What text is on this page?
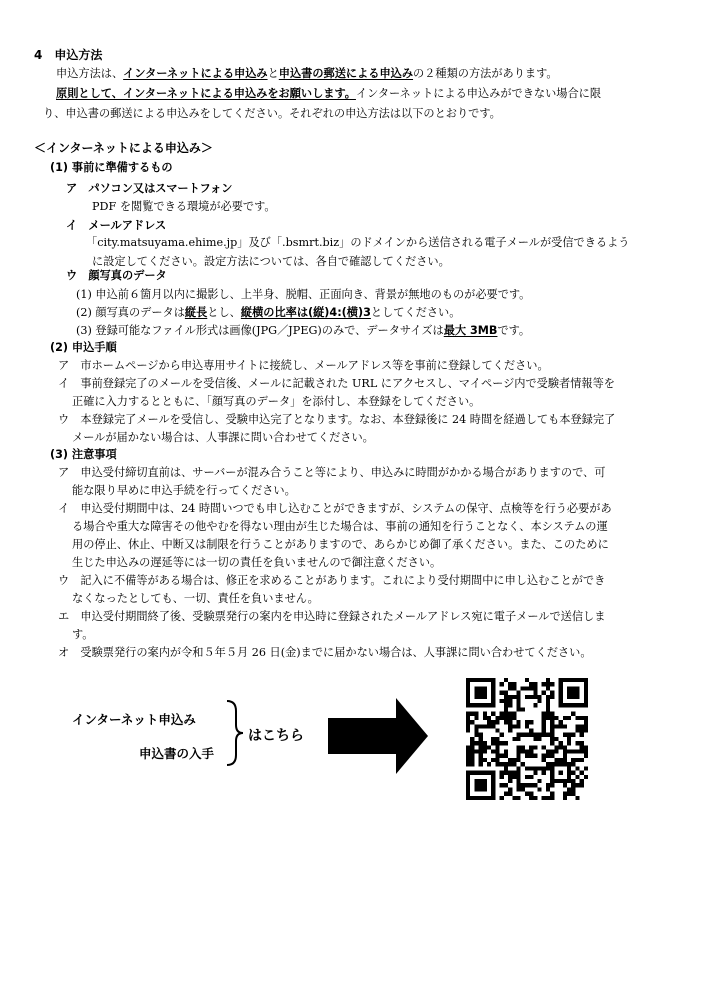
4　申込方法
申込方法は、インターネットによる申込みと申込書の郵送による申込みの２種類の方法があります。
原則として、インターネットによる申込みをお願いします。インターネットによる申込みができない場合に限
り、申込書の郵送による申込みをしてください。それぞれの申込方法は以下のとおりです。
＜インターネットによる申込み＞
(1) 事前に準備するもの
ア　パソコン又はスマートフォン
PDF を閲覧できる環境が必要です。
イ　メールアドレス
「city.matsuyama.ehime.jp」及び「.bsmrt.biz」のドメインから送信される電子メールが受信できるよう
に設定してください。設定方法については、各自で確認してください。
ウ　顔写真のデータ
(1) 申込前６箇月以内に撮影し、上半身、脱帽、正面向き、背景が無地のものが必要です。
(2) 顔写真のデータは縦長とし、縦横の比率は(縦)4:(横)3としてください。
(3) 登録可能なファイル形式は画像(JPG／JPEG)のみで、データサイズは最大 3MBです。
(2) 申込手順
ア　市ホームページから申込専用サイトに接続し、メールアドレス等を事前に登録してください。
イ　事前登録完了のメールを受信後、メールに記載された URL にアクセスし、マイページ内で受験者情報等を
正確に入力するとともに、「顔写真のデータ」を添付し、本登録をしてください。
ウ　本登録完了メールを受信し、受験申込完了となります。なお、本登録後に 24 時間を経過しても本登録完了
メールが届かない場合は、人事課に問い合わせてください。
(3) 注意事項
ア　申込受付締切直前は、サーバーが混み合うこと等により、申込みに時間がかかる場合がありますので、可
能な限り早めに申込手続を行ってください。
イ　申込受付期間中は、24 時間いつでも申し込むことができますが、システムの保守、点検等を行う必要があ
る場合や重大な障害その他やむを得ない理由が生じた場合は、事前の通知を行うことなく、本システムの運
用の停止、休止、中断又は制限を行うことがありますので、あらかじめ御了承ください。また、このために
生じた申込みの遅延等には一切の責任を負いませんので御注意ください。
ウ　記入に不備等がある場合は、修正を求めることがあります。これにより受付期間中に申し込むことができ
なくなったとしても、一切、責任を負いません。
エ　申込受付期間終了後、受験票発行の案内を申込時に登録されたメールアドレス宛に電子メールで送信しま
す。
オ　受験票発行の案内が令和５年５月 26 日(金)までに届かない場合は、人事課に問い合わせてください。
インターネット申込み
申込書の入手
はこちら
